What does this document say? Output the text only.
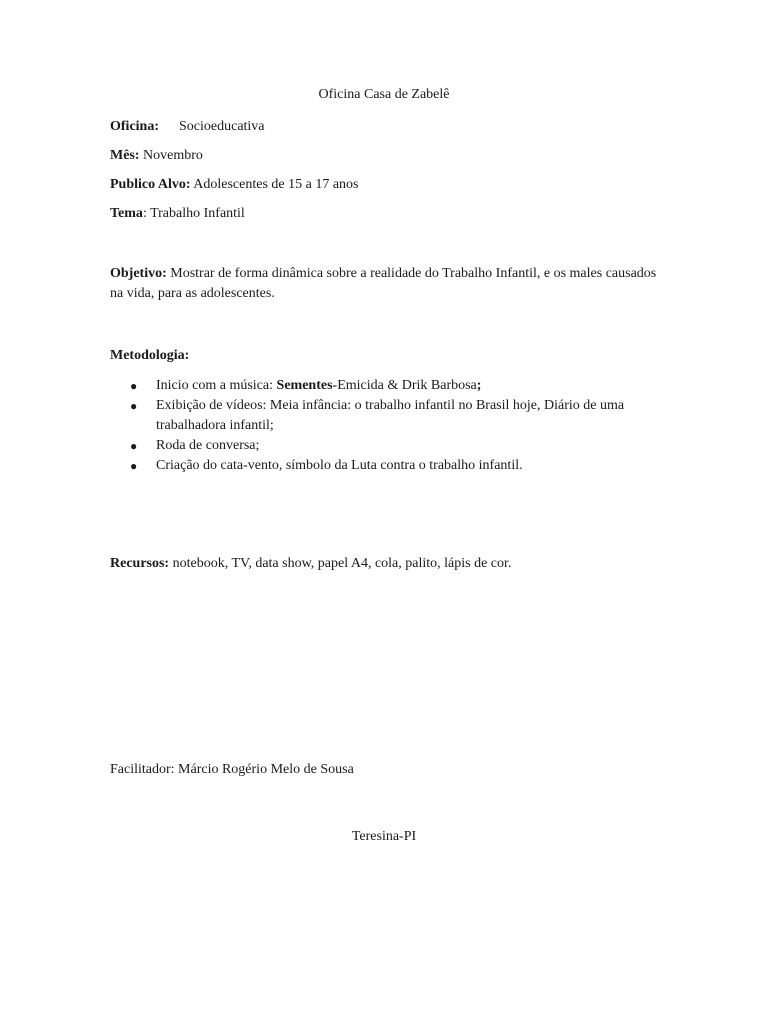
Oficina Casa de Zabelê
Oficina: Socioeducativa
Mês: Novembro
Publico Alvo: Adolescentes de 15 a 17 anos
Tema: Trabalho Infantil
Objetivo: Mostrar de forma dinâmica sobre a realidade do Trabalho Infantil, e os males causados na vida, para as adolescentes.
Metodologia:
● Inicio com a música: Sementes-Emicida & Drik Barbosa;
● Exibição de vídeos: Meia infância: o trabalho infantil no Brasil hoje, Diário de uma trabalhadora infantil;
● Roda de conversa;
● Criação do cata-vento, símbolo da Luta contra o trabalho infantil.
Recursos: notebook, TV, data show, papel A4, cola, palito, lápis de cor.
Facilitador: Márcio Rogério Melo de Sousa
Teresina-PI
